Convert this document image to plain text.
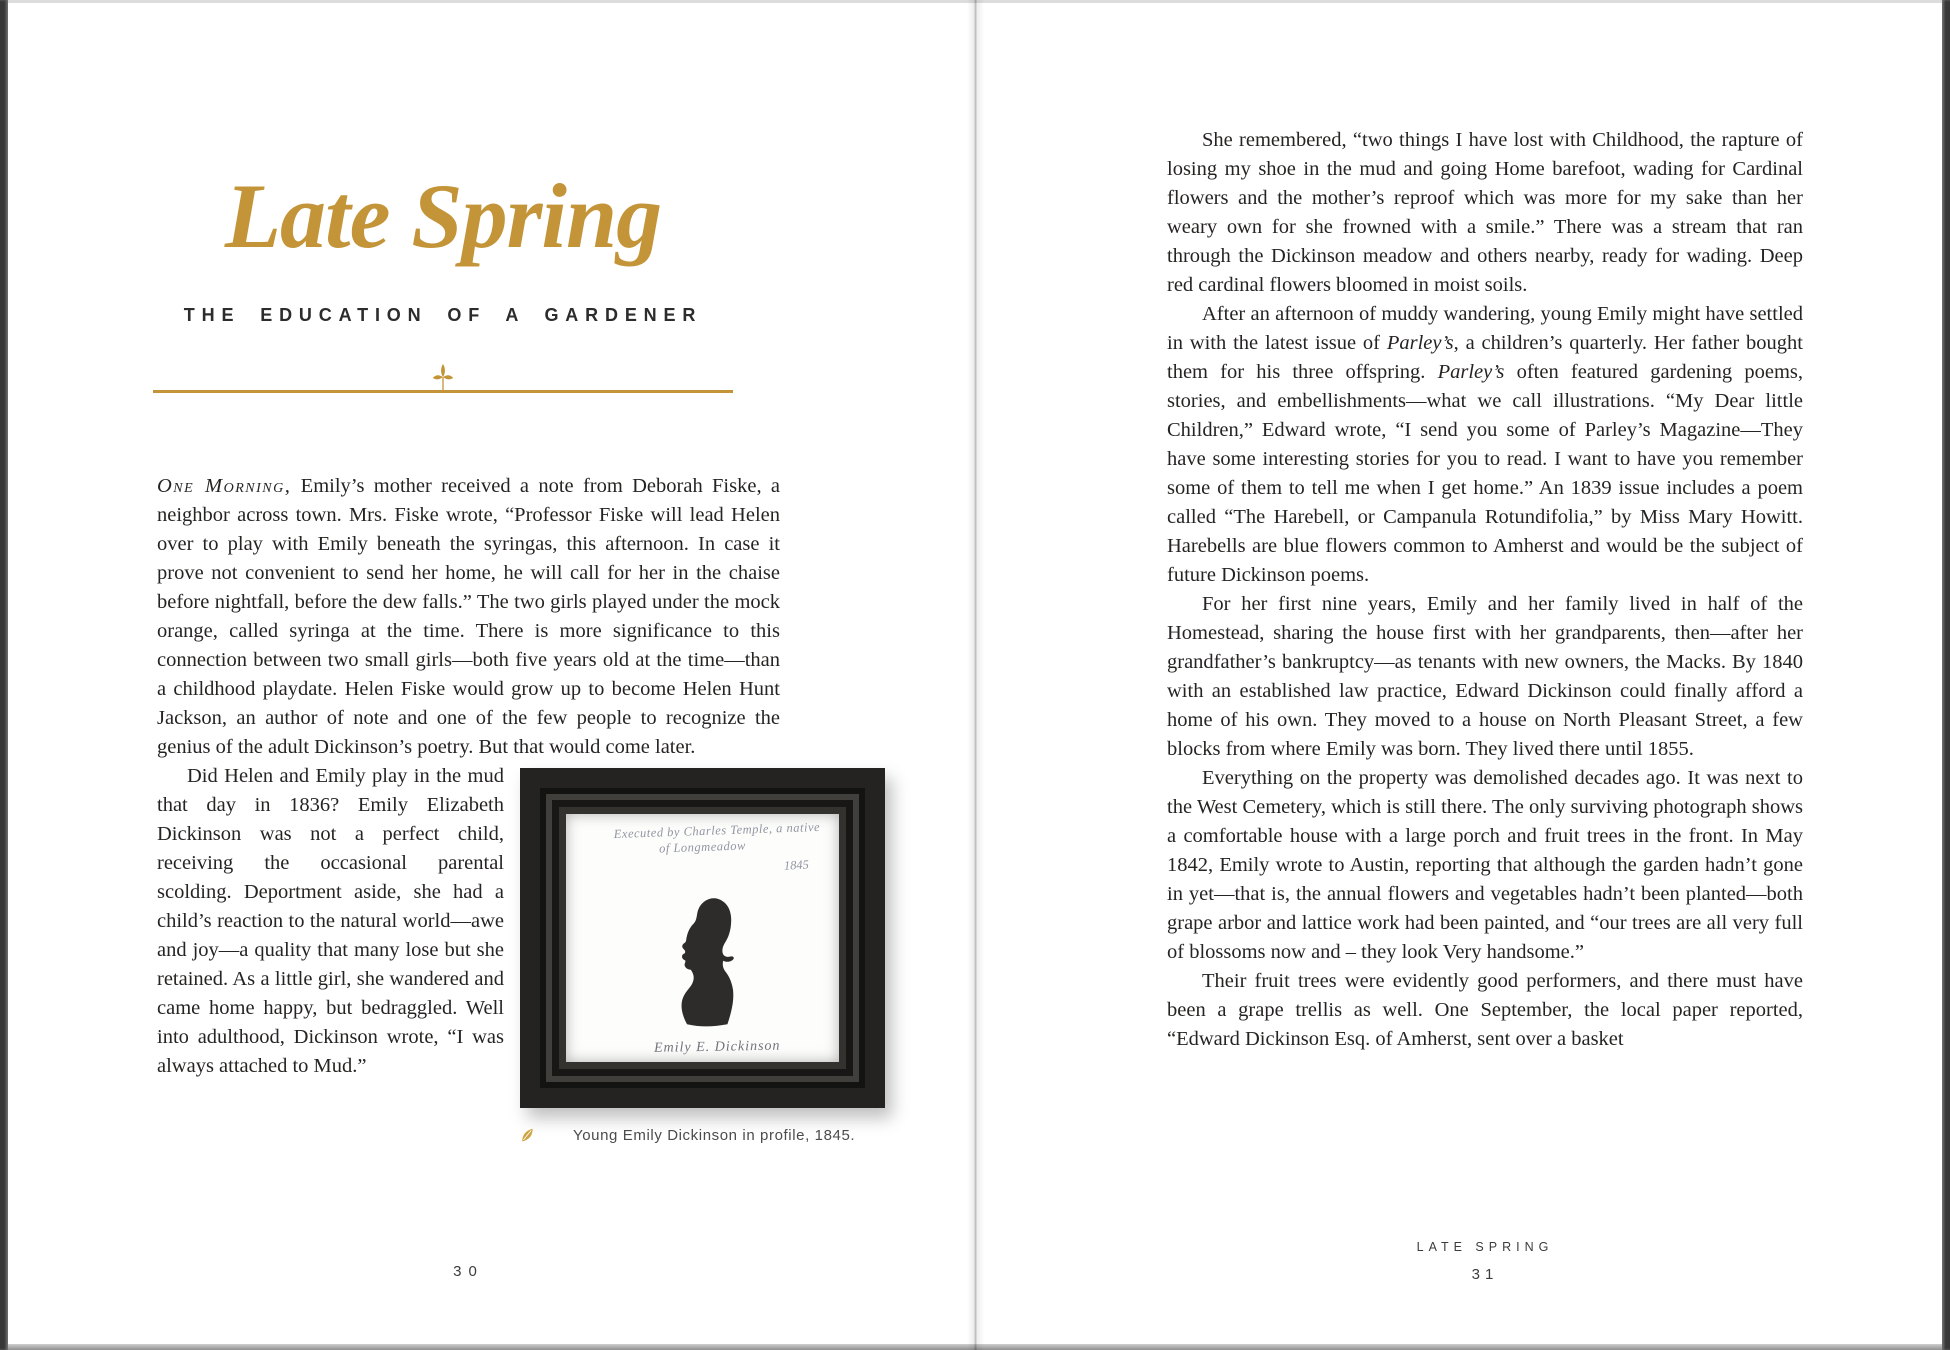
Late Spring
THE EDUCATION OF A GARDENER

One Morning, Emily’s mother received a note from Deborah Fiske, a neighbor across town. Mrs. Fiske wrote, “Professor Fiske will lead Helen over to play with Emily beneath the syringas, this afternoon. In case it prove not convenient to send her home, he will call for her in the chaise before nightfall, before the dew falls.” The two girls played under the mock orange, called syringa at the time. There is more significance to this connection between two small girls—both five years old at the time—than a childhood playdate. Helen Fiske would grow up to become Helen Hunt Jackson, an author of note and one of the few people to recognize the genius of the adult Dickinson’s poetry. But that would come later.

Executed by Charles Temple, a native
of Longmeadow
1845
Emily E. Dickinson
Young Emily Dickinson in profile, 1845.
Did Helen and Emily play in the mud that day in 1836? Emily Elizabeth Dickinson was not a perfect child, receiving the occasional parental scolding. Deportment aside, she had a child’s reaction to the natural world—awe and joy—a quality that many lose but she retained. As a little girl, she wandered and came home happy, but bedraggled. Well into adulthood, Dickinson wrote, “I was always attached to Mud.”

30

She remembered, “two things I have lost with Childhood, the rapture of losing my shoe in the mud and going Home barefoot, wading for Cardinal flowers and the mother’s reproof which was more for my sake than her weary own for she frowned with a smile.” There was a stream that ran through the Dickinson meadow and others nearby, ready for wading. Deep red cardinal flowers bloomed in moist soils.

After an afternoon of muddy wandering, young Emily might have settled in with the latest issue of Parley’s, a children’s quarterly. Her father bought them for his three offspring. Parley’s often featured gardening poems, stories, and embellishments—what we call illustrations. “My Dear little Children,” Edward wrote, “I send you some of Parley’s Magazine—They have some interesting stories for you to read. I want to have you remember some of them to tell me when I get home.” An 1839 issue includes a poem called “The Harebell, or Campanula Rotundifolia,” by Miss Mary Howitt. Harebells are blue flowers common to Amherst and would be the subject of future Dickinson poems.

For her first nine years, Emily and her family lived in half of the Homestead, sharing the house first with her grandparents, then—after her grandfather’s bankruptcy—as tenants with new owners, the Macks. By 1840 with an established law practice, Edward Dickinson could finally afford a home of his own. They moved to a house on North Pleasant Street, a few blocks from where Emily was born. They lived there until 1855.

Everything on the property was demolished decades ago. It was next to the West Cemetery, which is still there. The only surviving photograph shows a comfortable house with a large porch and fruit trees in the front. In May 1842, Emily wrote to Austin, reporting that although the garden hadn’t gone in yet—that is, the annual flowers and vegetables hadn’t been planted—both grape arbor and lattice work had been painted, and “our trees are all very full of blossoms now and – they look Very handsome.”

Their fruit trees were evidently good performers, and there must have been a grape trellis as well. One September, the local paper reported, “Edward Dickinson Esq. of Amherst, sent over a basket

LATE SPRING
31
